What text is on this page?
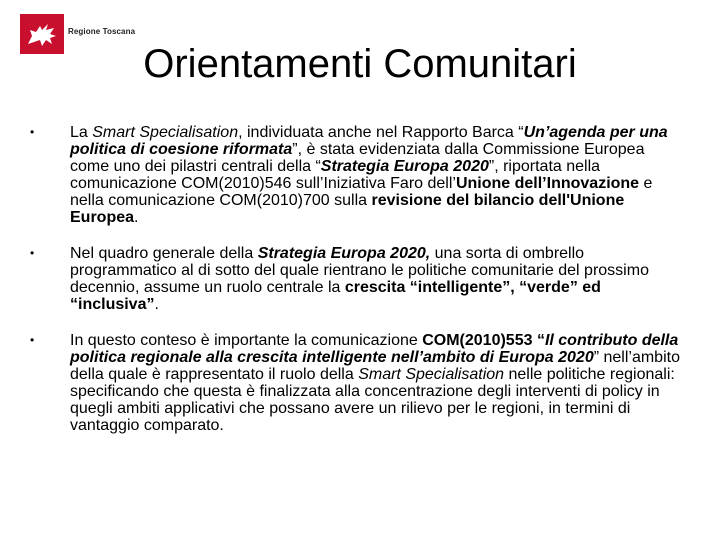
Regione Toscana
Orientamenti Comunitari
• La Smart Specialisation, individuata anche nel Rapporto Barca “Un’agenda per una politica di coesione riformata”, è stata evidenziata dalla Commissione Europea come uno dei pilastri centrali della “Strategia Europa 2020”, riportata nella comunicazione COM(2010)546 sull’Iniziativa Faro dell’Unione dell’Innovazione e nella comunicazione COM(2010)700 sulla revisione del bilancio dell'Unione Europea.
• Nel quadro generale della Strategia Europa 2020, una sorta di ombrello programmatico al di sotto del quale rientrano le politiche comunitarie del prossimo decennio, assume un ruolo centrale la crescita “intelligente”, “verde” ed “inclusiva”.
• In questo conteso è importante la comunicazione COM(2010)553 “Il contributo della politica regionale alla crescita intelligente nell’ambito di Europa 2020” nell’ambito della quale è rappresentato il ruolo della Smart Specialisation nelle politiche regionali: specificando che questa è finalizzata alla concentrazione degli interventi di policy in quegli ambiti applicativi che possano avere un rilievo per le regioni, in termini di vantaggio comparato.
